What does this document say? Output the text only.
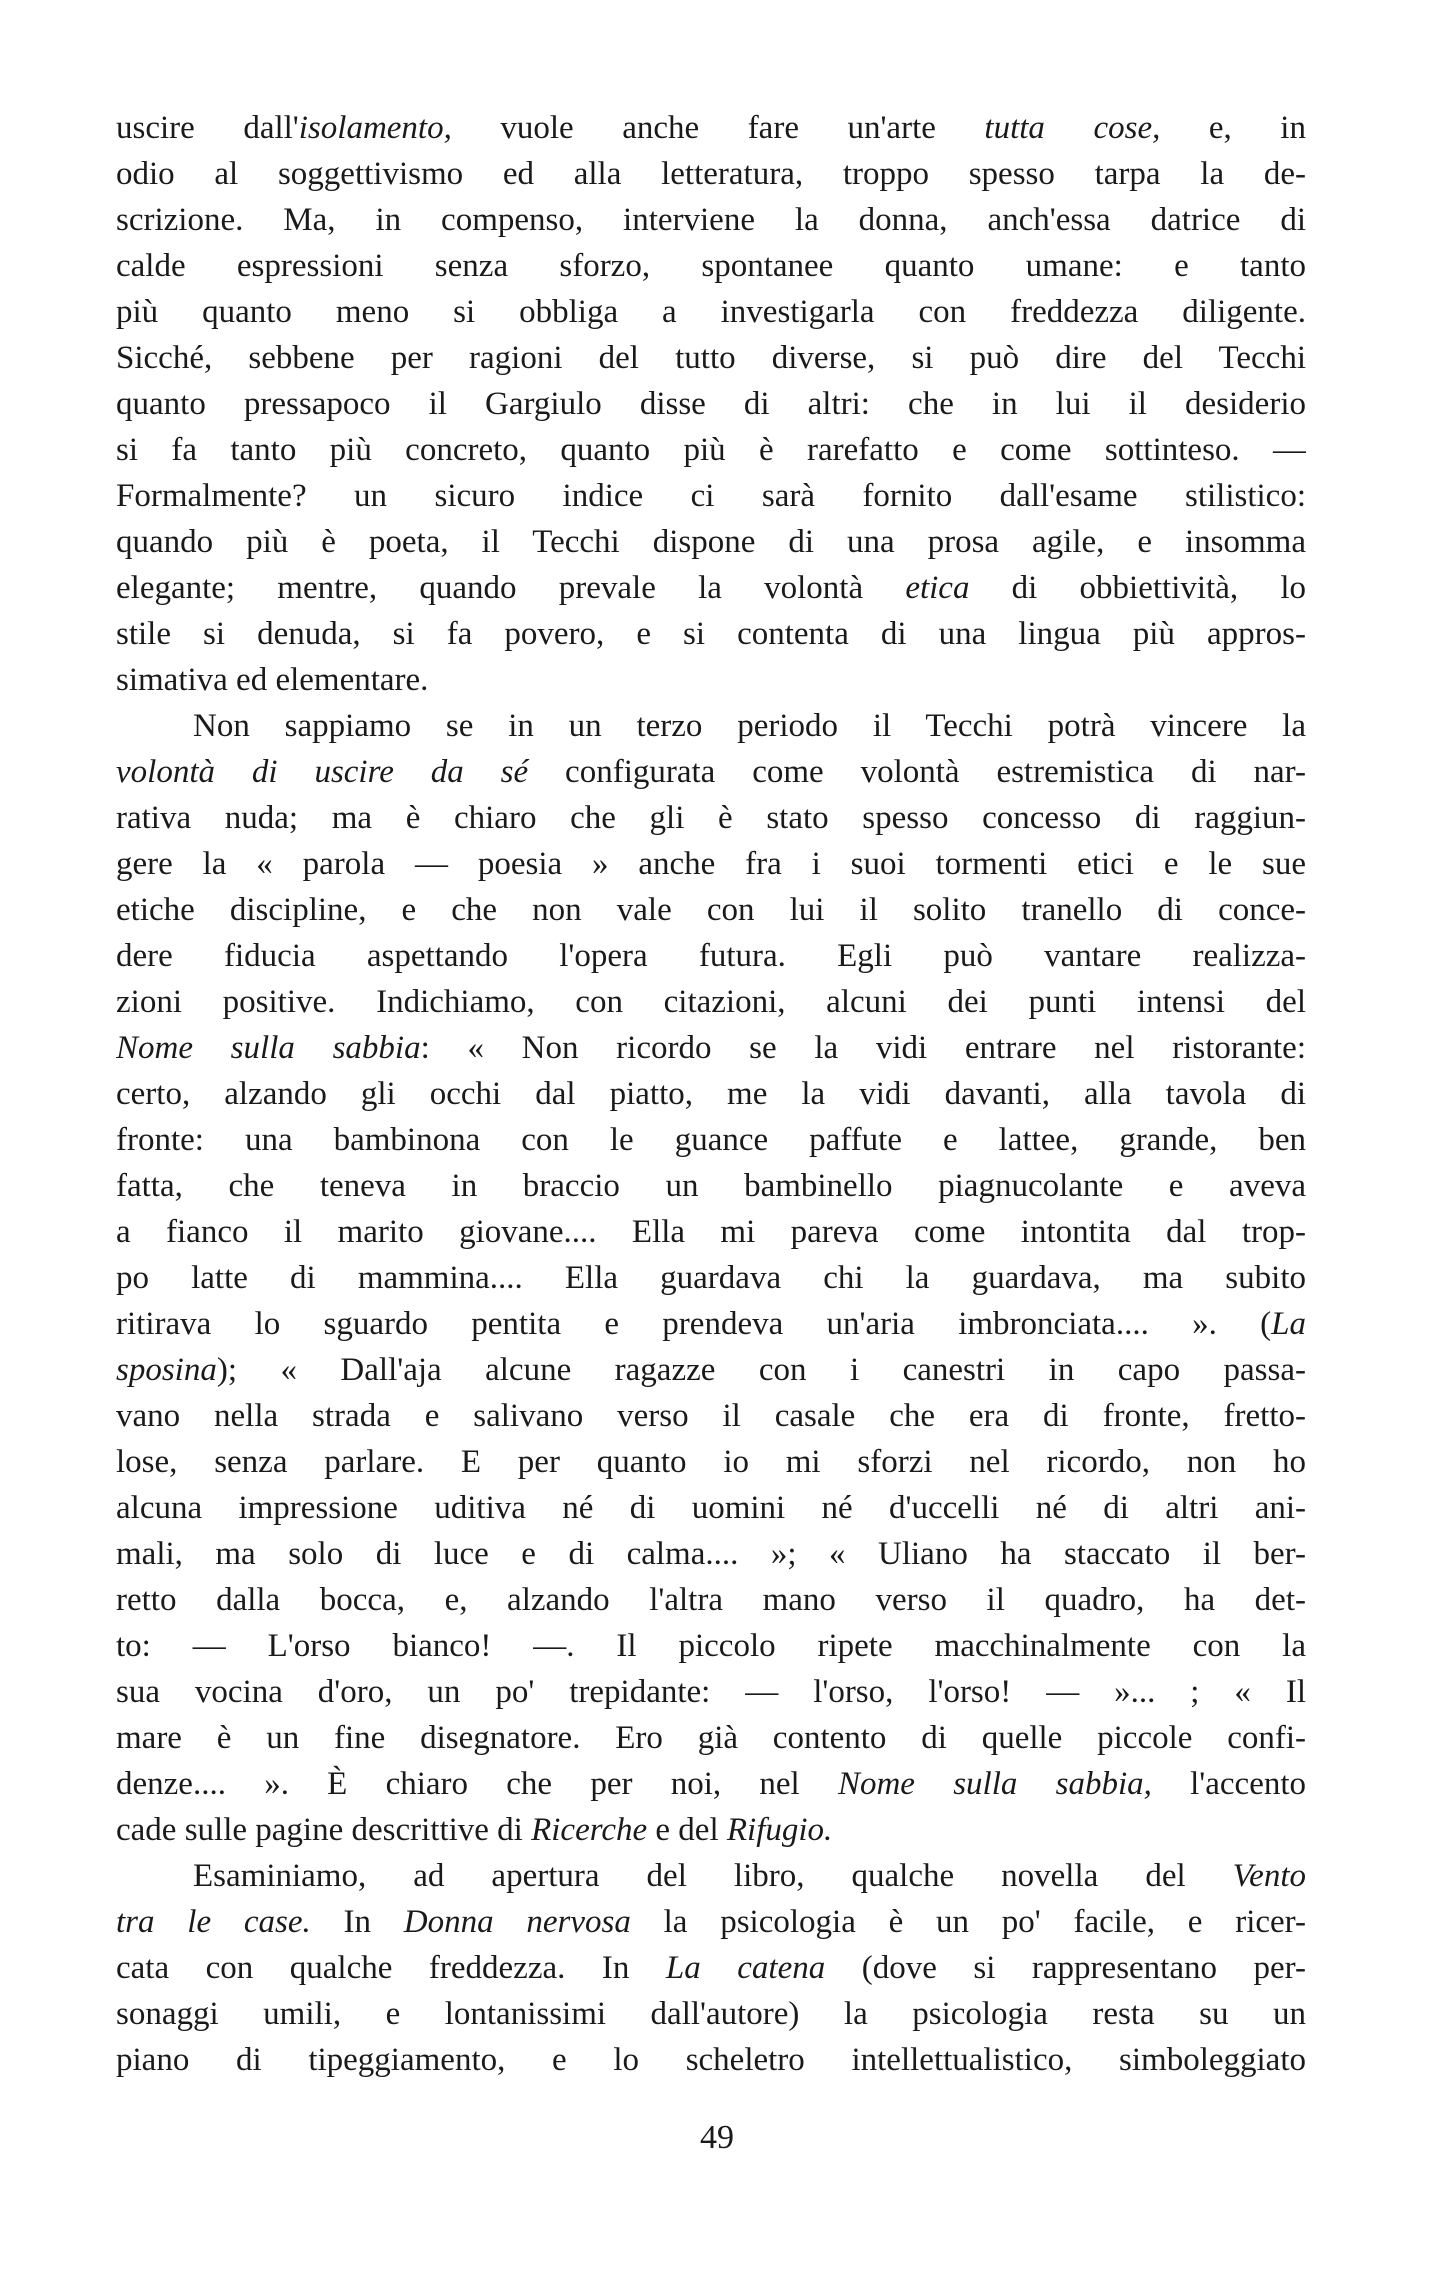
uscire dall'isolamento, vuole anche fare un'arte tutta cose, e, in
odio al soggettivismo ed alla letteratura, troppo spesso tarpa la de-
scrizione. Ma, in compenso, interviene la donna, anch'essa datrice di
calde espressioni senza sforzo, spontanee quanto umane: e tanto
più quanto meno si obbliga a investigarla con freddezza diligente.
Sicché, sebbene per ragioni del tutto diverse, si può dire del Tecchi
quanto pressapoco il Gargiulo disse di altri: che in lui il desiderio
si fa tanto più concreto, quanto più è rarefatto e come sottinteso. —
Formalmente? un sicuro indice ci sarà fornito dall'esame stilistico:
quando più è poeta, il Tecchi dispone di una prosa agile, e insomma
elegante; mentre, quando prevale la volontà etica di obbiettività, lo
stile si denuda, si fa povero, e si contenta di una lingua più appros-
simativa ed elementare.
Non sappiamo se in un terzo periodo il Tecchi potrà vincere la
volontà di uscire da sé configurata come volontà estremistica di nar-
rativa nuda; ma è chiaro che gli è stato spesso concesso di raggiun-
gere la « parola — poesia » anche fra i suoi tormenti etici e le sue
etiche discipline, e che non vale con lui il solito tranello di conce-
dere fiducia aspettando l'opera futura. Egli può vantare realizza-
zioni positive. Indichiamo, con citazioni, alcuni dei punti intensi del
Nome sulla sabbia: « Non ricordo se la vidi entrare nel ristorante:
certo, alzando gli occhi dal piatto, me la vidi davanti, alla tavola di
fronte: una bambinona con le guance paffute e lattee, grande, ben
fatta, che teneva in braccio un bambinello piagnucolante e aveva
a fianco il marito giovane.... Ella mi pareva come intontita dal trop-
po latte di mammina.... Ella guardava chi la guardava, ma subito
ritirava lo sguardo pentita e prendeva un'aria imbronciata.... ». (La
sposina); « Dall'aja alcune ragazze con i canestri in capo passa-
vano nella strada e salivano verso il casale che era di fronte, fretto-
lose, senza parlare. E per quanto io mi sforzi nel ricordo, non ho
alcuna impressione uditiva né di uomini né d'uccelli né di altri ani-
mali, ma solo di luce e di calma.... »; « Uliano ha staccato il ber-
retto dalla bocca, e, alzando l'altra mano verso il quadro, ha det-
to: — L'orso bianco! —. Il piccolo ripete macchinalmente con la
sua vocina d'oro, un po' trepidante: — l'orso, l'orso! — »... ; « Il
mare è un fine disegnatore. Ero già contento di quelle piccole confi-
denze.... ». È chiaro che per noi, nel Nome sulla sabbia, l'accento
cade sulle pagine descrittive di Ricerche e del Rifugio.
Esaminiamo, ad apertura del libro, qualche novella del Vento
tra le case. In Donna nervosa la psicologia è un po' facile, e ricer-
cata con qualche freddezza. In La catena (dove si rappresentano per-
sonaggi umili, e lontanissimi dall'autore) la psicologia resta su un
piano di tipeggiamento, e lo scheletro intellettualistico, simboleggiato
49
